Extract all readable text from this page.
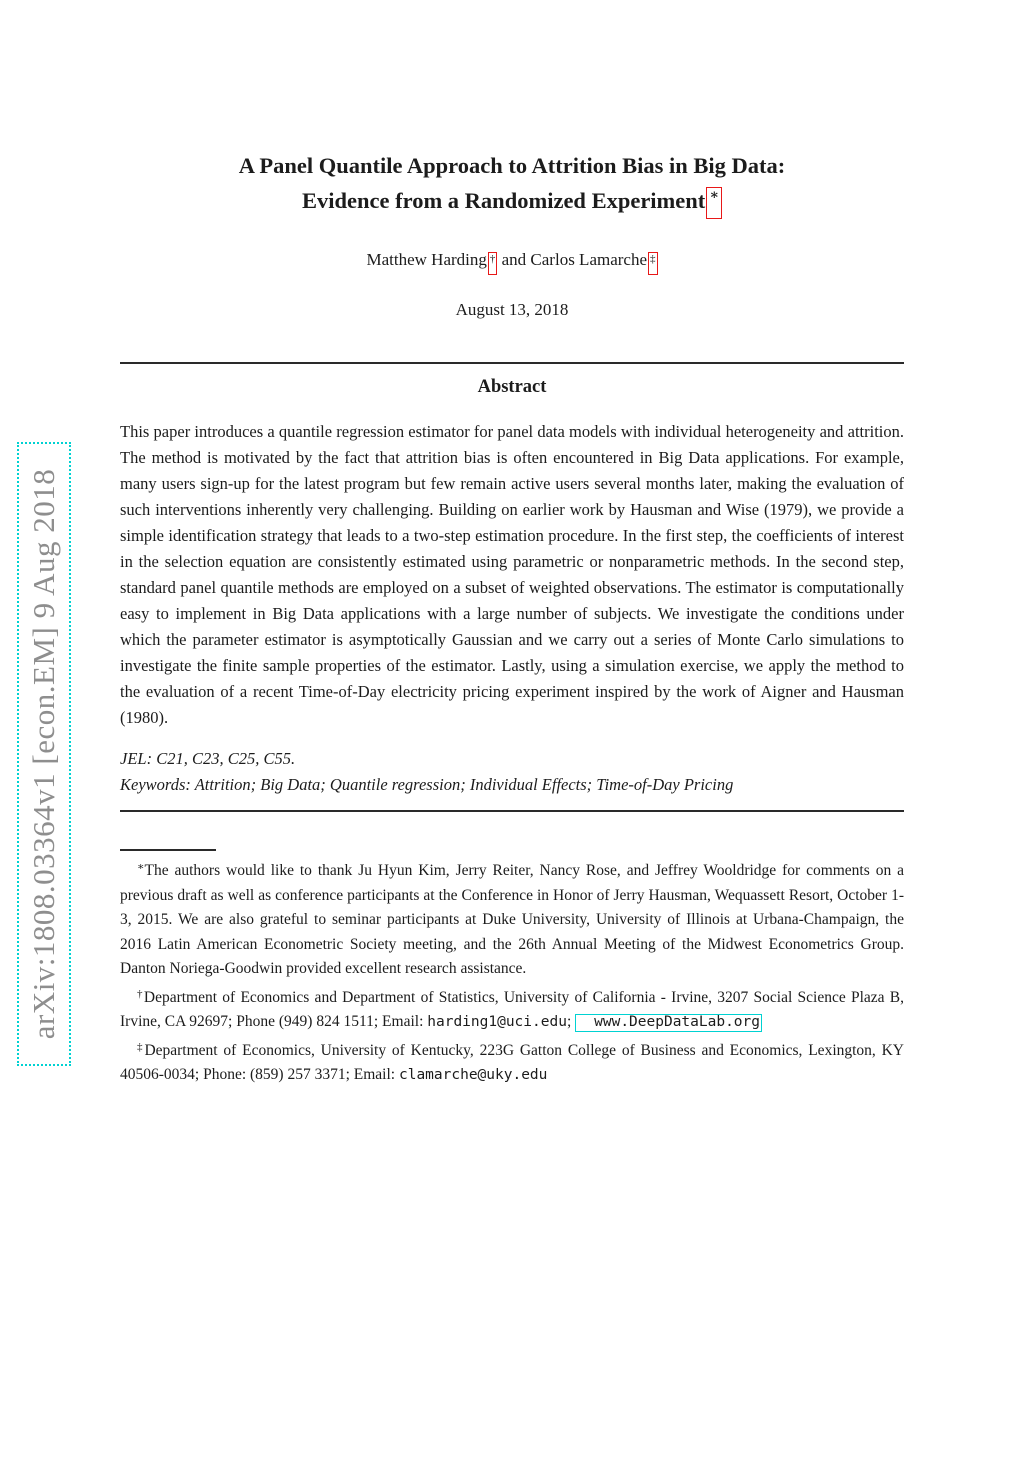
arXiv:1808.03364v1 [econ.EM] 9 Aug 2018
A Panel Quantile Approach to Attrition Bias in Big Data:
Evidence from a Randomized Experiment ∗
Matthew Harding † and Carlos Lamarche ‡
August 13, 2018
Abstract
This paper introduces a quantile regression estimator for panel data models with individual heterogeneity and attrition. The method is motivated by the fact that attrition bias is often encountered in Big Data applications. For example, many users sign-up for the latest program but few remain active users several months later, making the evaluation of such interventions inherently very challenging. Building on earlier work by Hausman and Wise (1979), we provide a simple identification strategy that leads to a two-step estimation procedure. In the first step, the coefficients of interest in the selection equation are consistently estimated using parametric or nonparametric methods. In the second step, standard panel quantile methods are employed on a subset of weighted observations. The estimator is computationally easy to implement in Big Data applications with a large number of subjects. We investigate the conditions under which the parameter estimator is asymptotically Gaussian and we carry out a series of Monte Carlo simulations to investigate the finite sample properties of the estimator. Lastly, using a simulation exercise, we apply the method to the evaluation of a recent Time-of-Day electricity pricing experiment inspired by the work of Aigner and Hausman (1980).
JEL: C21, C23, C25, C55.
Keywords: Attrition; Big Data; Quantile regression; Individual Effects; Time-of-Day Pricing

∗The authors would like to thank Ju Hyun Kim, Jerry Reiter, Nancy Rose, and Jeffrey Wooldridge for comments on a previous draft as well as conference participants at the Conference in Honor of Jerry Hausman, Wequassett Resort, October 1-3, 2015. We are also grateful to seminar participants at Duke University, University of Illinois at Urbana-Champaign, the 2016 Latin American Econometric Society meeting, and the 26th Annual Meeting of the Midwest Econometrics Group. Danton Noriega-Goodwin provided excellent research assistance.

†Department of Economics and Department of Statistics, University of California - Irvine, 3207 Social Science Plaza B, Irvine, CA 92697; Phone (949) 824 1511; Email: harding1@uci.edu; www.DeepDataLab.org

‡Department of Economics, University of Kentucky, 223G Gatton College of Business and Economics, Lexington, KY 40506-0034; Phone: (859) 257 3371; Email: clamarche@uky.edu
